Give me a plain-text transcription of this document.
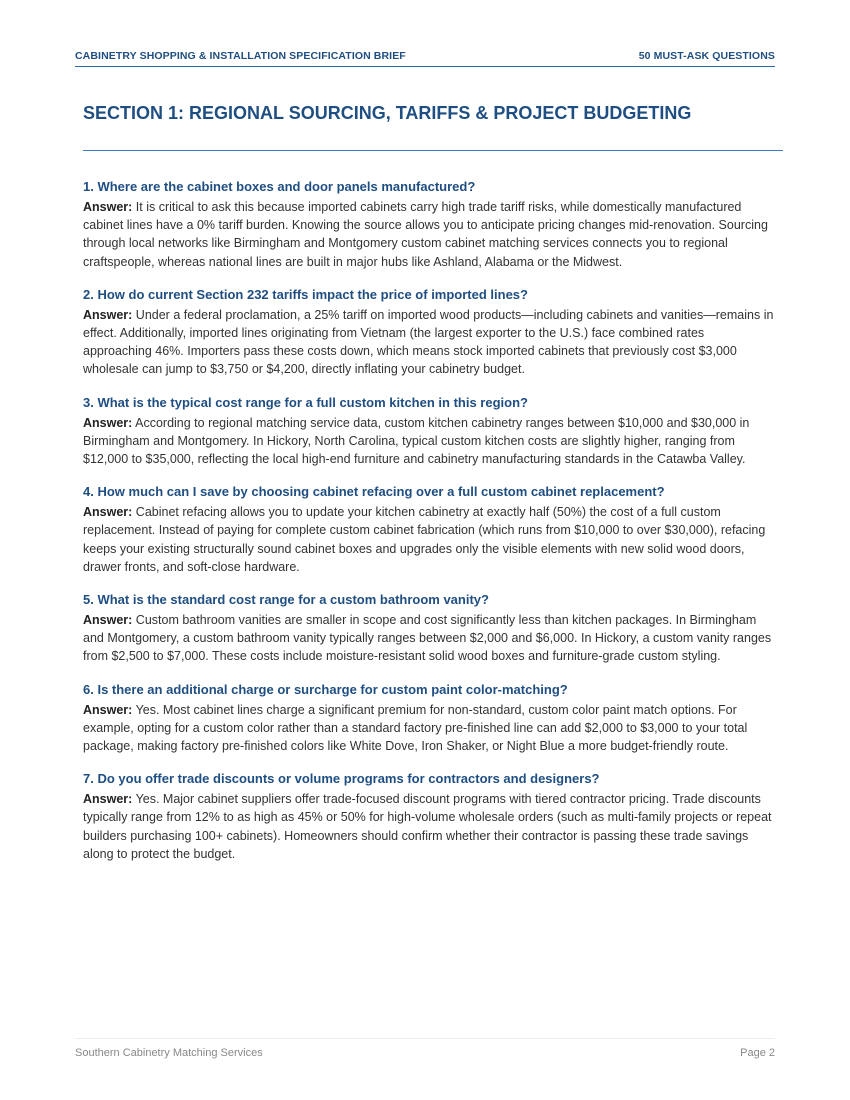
CABINETRY SHOPPING & INSTALLATION SPECIFICATION BRIEF	50 MUST-ASK QUESTIONS
SECTION 1: REGIONAL SOURCING, TARIFFS & PROJECT BUDGETING

1. Where are the cabinet boxes and door panels manufactured?

Answer: It is critical to ask this because imported cabinets carry high trade tariff risks, while domestically manufactured cabinet lines have a 0% tariff burden. Knowing the source allows you to anticipate pricing changes mid-renovation. Sourcing through local networks like Birmingham and Montgomery custom cabinet matching services connects you to regional craftspeople, whereas national lines are built in major hubs like Ashland, Alabama or the Midwest.

2. How do current Section 232 tariffs impact the price of imported lines?

Answer: Under a federal proclamation, a 25% tariff on imported wood products—including cabinets and vanities—remains in effect. Additionally, imported lines originating from Vietnam (the largest exporter to the U.S.) face combined rates approaching 46%. Importers pass these costs down, which means stock imported cabinets that previously cost $3,000 wholesale can jump to $3,750 or $4,200, directly inflating your cabinetry budget.

3. What is the typical cost range for a full custom kitchen in this region?

Answer: According to regional matching service data, custom kitchen cabinetry ranges between $10,000 and $30,000 in Birmingham and Montgomery. In Hickory, North Carolina, typical custom kitchen costs are slightly higher, ranging from $12,000 to $35,000, reflecting the local high-end furniture and cabinetry manufacturing standards in the Catawba Valley.

4. How much can I save by choosing cabinet refacing over a full custom cabinet replacement?

Answer: Cabinet refacing allows you to update your kitchen cabinetry at exactly half (50%) the cost of a full custom replacement. Instead of paying for complete custom cabinet fabrication (which runs from $10,000 to over $30,000), refacing keeps your existing structurally sound cabinet boxes and upgrades only the visible elements with new solid wood doors, drawer fronts, and soft-close hardware.

5. What is the standard cost range for a custom bathroom vanity?

Answer: Custom bathroom vanities are smaller in scope and cost significantly less than kitchen packages. In Birmingham and Montgomery, a custom bathroom vanity typically ranges between $2,000 and $6,000. In Hickory, a custom vanity ranges from $2,500 to $7,000. These costs include moisture-resistant solid wood boxes and furniture-grade custom styling.

6. Is there an additional charge or surcharge for custom paint color-matching?

Answer: Yes. Most cabinet lines charge a significant premium for non-standard, custom color paint match options. For example, opting for a custom color rather than a standard factory pre-finished line can add $2,000 to $3,000 to your total package, making factory pre-finished colors like White Dove, Iron Shaker, or Night Blue a more budget-friendly route.

7. Do you offer trade discounts or volume programs for contractors and designers?

Answer: Yes. Major cabinet suppliers offer trade-focused discount programs with tiered contractor pricing. Trade discounts typically range from 12% to as high as 45% or 50% for high-volume wholesale orders (such as multi-family projects or repeat builders purchasing 100+ cabinets). Homeowners should confirm whether their contractor is passing these trade savings along to protect the budget.

Southern Cabinetry Matching Services	Page 2
